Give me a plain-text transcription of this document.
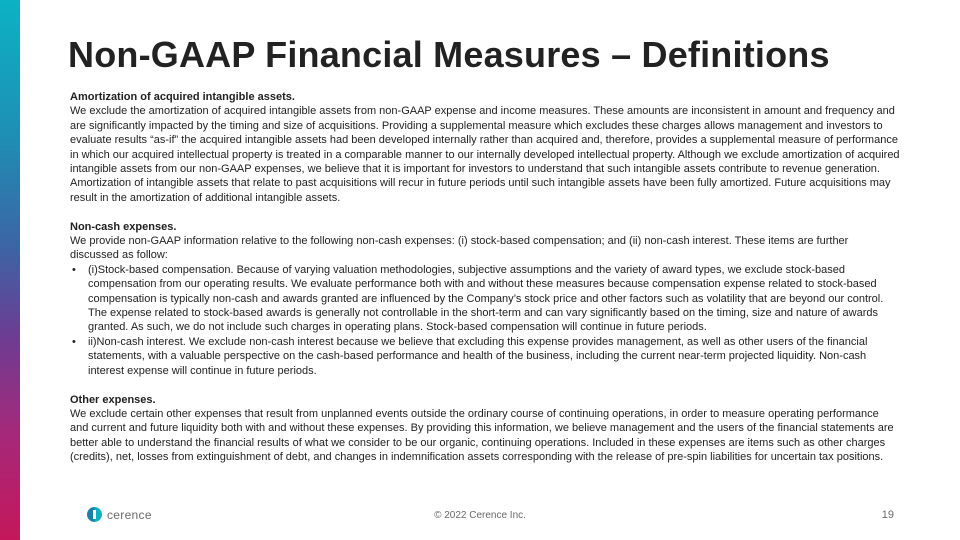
Non-GAAP Financial Measures – Definitions
Amortization of acquired intangible assets.
We exclude the amortization of acquired intangible assets from non-GAAP expense and income measures. These amounts are inconsistent in amount and frequency and are significantly impacted by the timing and size of acquisitions. Providing a supplemental measure which excludes these charges allows management and investors to evaluate results “as-if” the acquired intangible assets had been developed internally rather than acquired and, therefore, provides a supplemental measure of performance in which our acquired intellectual property is treated in a comparable manner to our internally developed intellectual property. Although we exclude amortization of acquired intangible assets from our non-GAAP expenses, we believe that it is important for investors to understand that such intangible assets contribute to revenue generation. Amortization of intangible assets that relate to past acquisitions will recur in future periods until such intangible assets have been fully amortized. Future acquisitions may result in the amortization of additional intangible assets.
Non-cash expenses.
We provide non-GAAP information relative to the following non-cash expenses: (i) stock-based compensation; and (ii) non-cash interest. These items are further discussed as follow:
• (i)Stock-based compensation. Because of varying valuation methodologies, subjective assumptions and the variety of award types, we exclude stock-based compensation from our operating results. We evaluate performance both with and without these measures because compensation expense related to stock-based compensation is typically non-cash and awards granted are influenced by the Company’s stock price and other factors such as volatility that are beyond our control. The expense related to stock-based awards is generally not controllable in the short-term and can vary significantly based on the timing, size and nature of awards granted. As such, we do not include such charges in operating plans. Stock-based compensation will continue in future periods.
• ii)Non-cash interest. We exclude non-cash interest because we believe that excluding this expense provides management, as well as other users of the financial statements, with a valuable perspective on the cash-based performance and health of the business, including the current near-term projected liquidity. Non-cash interest expense will continue in future periods.
Other expenses.
We exclude certain other expenses that result from unplanned events outside the ordinary course of continuing operations, in order to measure operating performance and current and future liquidity both with and without these expenses. By providing this information, we believe management and the users of the financial statements are better able to understand the financial results of what we consider to be our organic, continuing operations. Included in these expenses are items such as other charges (credits), net, losses from extinguishment of debt, and changes in indemnification assets corresponding with the release of pre-spin liabilities for uncertain tax positions.
cerence	© 2022 Cerence Inc.	19
